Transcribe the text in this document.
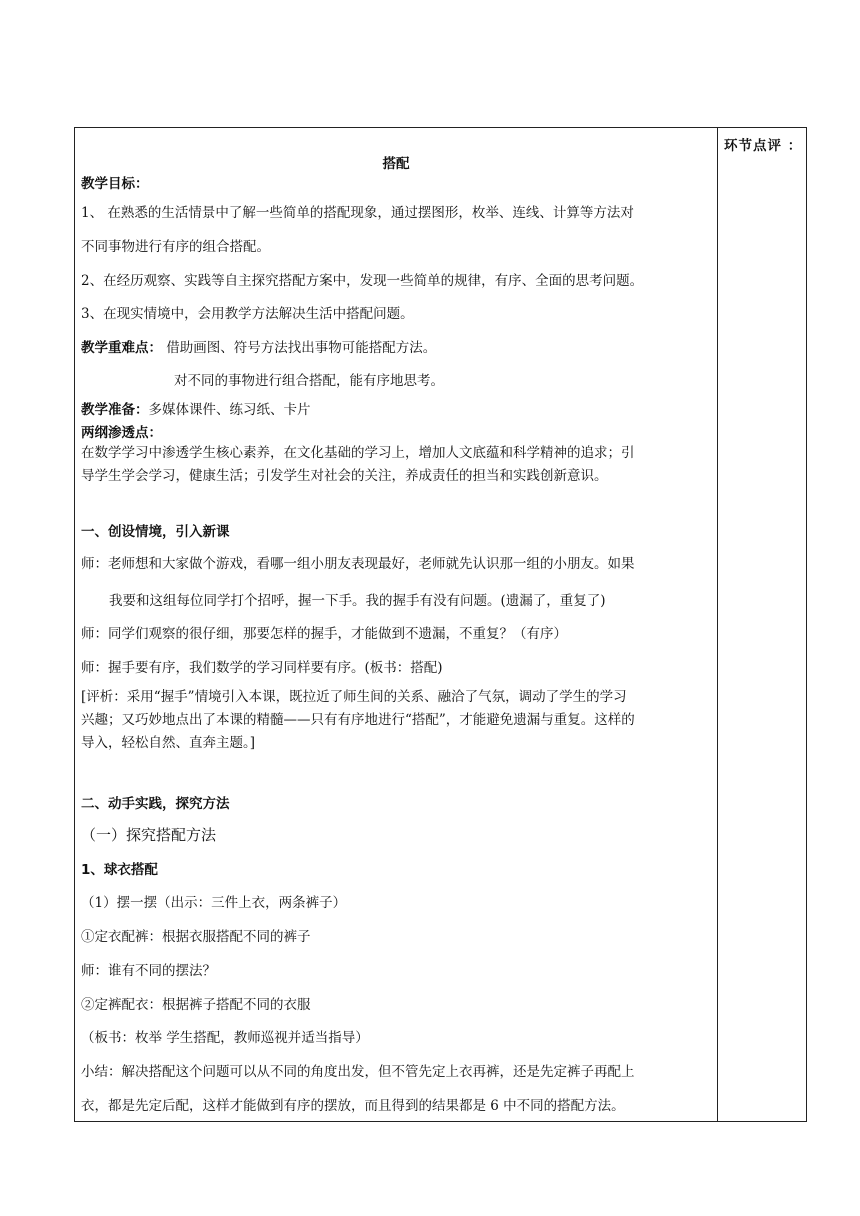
环节点评 ：
搭配
教学目标：
1、 在熟悉的生活情景中了解一些简单的搭配现象，通过摆图形，枚举、连线、计算等方法对
不同事物进行有序的组合搭配。
2、在经历观察、实践等自主探究搭配方案中，发现一些简单的规律，有序、全面的思考问题。
3、在现实情境中，会用教学方法解决生活中搭配问题。
教学重难点： 借助画图、符号方法找出事物可能搭配方法。
对不同的事物进行组合搭配，能有序地思考。
教学准备：多媒体课件、练习纸、卡片
两纲渗透点：
在数学学习中渗透学生核心素养，在文化基础的学习上，增加人文底蕴和科学精神的追求；引
导学生学会学习，健康生活；引发学生对社会的关注，养成责任的担当和实践创新意识。
一、创设情境，引入新课
师：老师想和大家做个游戏，看哪一组小朋友表现最好，老师就先认识那一组的小朋友。如果
我要和这组每位同学打个招呼，握一下手。我的握手有没有问题。(遗漏了，重复了)
师：同学们观察的很仔细，那要怎样的握手，才能做到不遗漏，不重复？（有序）
师：握手要有序，我们数学的学习同样要有序。(板书：搭配)
[评析：采用“握手”情境引入本课，既拉近了师生间的关系、融洽了气氛，调动了学生的学习
兴趣；又巧妙地点出了本课的精髓——只有有序地进行“搭配”，才能避免遗漏与重复。这样的
导入，轻松自然、直奔主题。]
二、动手实践，探究方法
（一）探究搭配方法
1、球衣搭配
（1）摆一摆（出示：三件上衣，两条裤子）
①定衣配裤：根据衣服搭配不同的裤子
师：谁有不同的摆法？
②定裤配衣：根据裤子搭配不同的衣服
（板书：枚举 学生搭配，教师巡视并适当指导）
小结：解决搭配这个问题可以从不同的角度出发，但不管先定上衣再裤，还是先定裤子再配上
衣，都是先定后配，这样才能做到有序的摆放，而且得到的结果都是 6 中不同的搭配方法。
